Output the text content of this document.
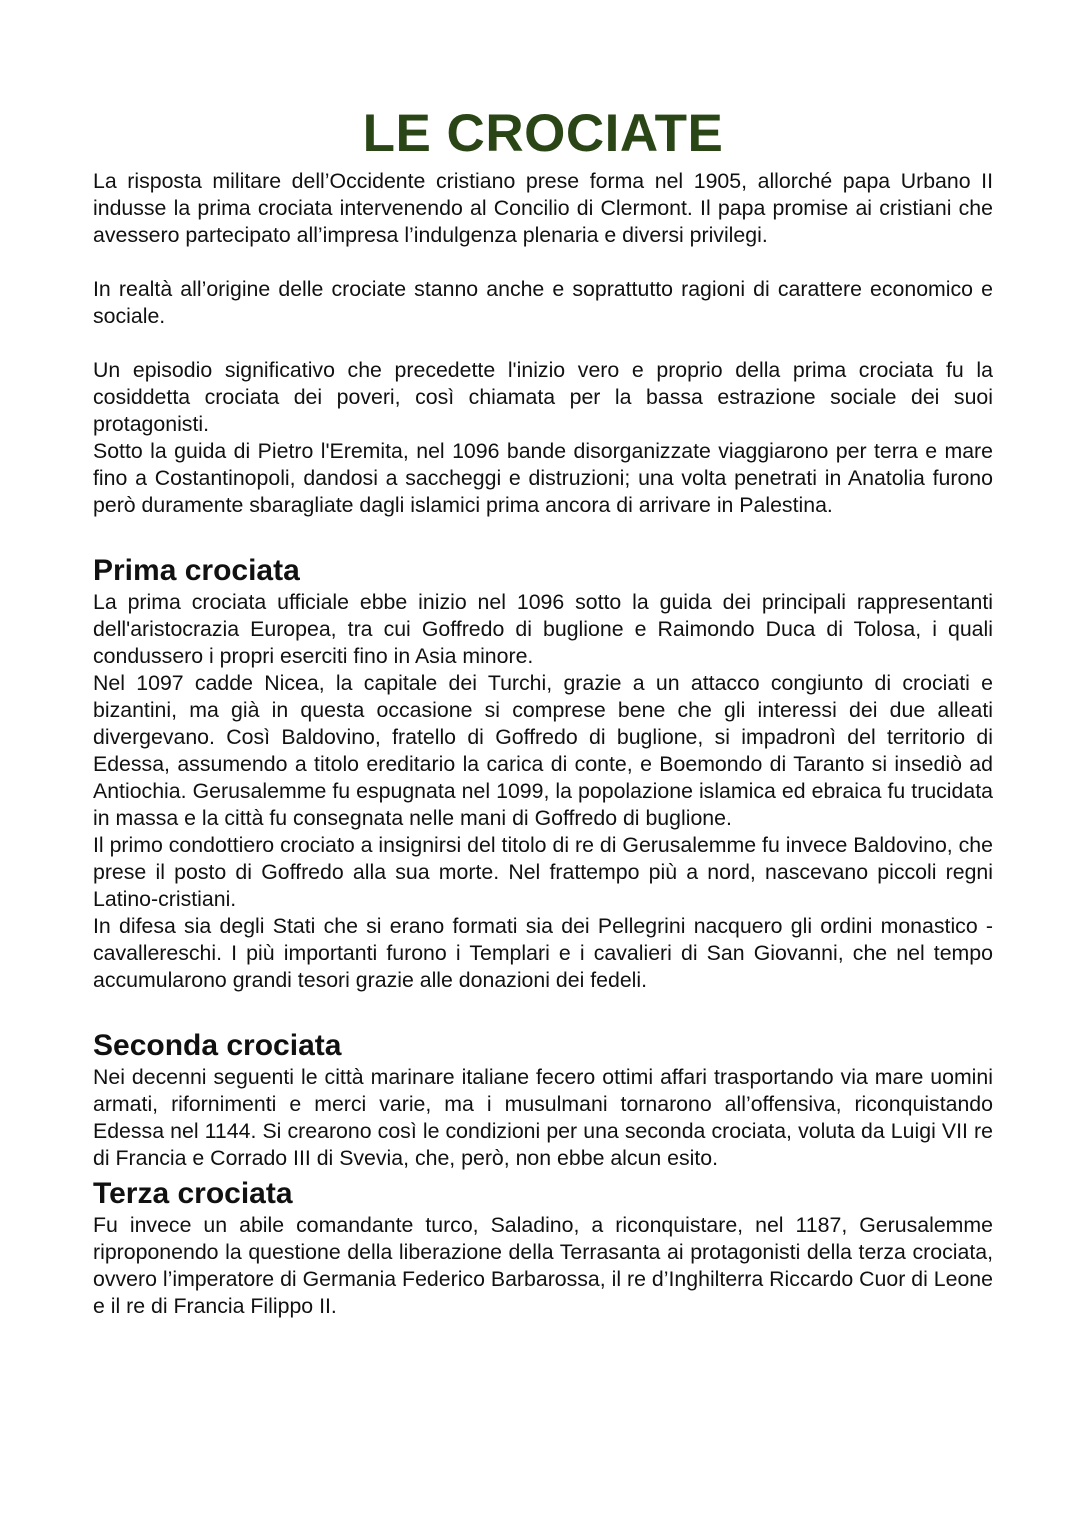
LE CROCIATE

La risposta militare dell’Occidente cristiano prese forma nel 1905, allorché papa Urbano II indusse la prima crociata intervenendo al Concilio di Clermont. Il papa promise ai cristiani che avessero partecipato all’impresa l’indulgenza plenaria e diversi privilegi.

In realtà all’origine delle crociate stanno anche e soprattutto ragioni di carattere economico e sociale.

Un episodio significativo che precedette l'inizio vero e proprio della prima crociata fu la cosiddetta crociata dei poveri, così chiamata per la bassa estrazione sociale dei suoi protagonisti.

Sotto la guida di Pietro l'Eremita, nel 1096 bande disorganizzate viaggiarono per terra e mare fino a Costantinopoli, dandosi a saccheggi e distruzioni; una volta penetrati in Anatolia furono però duramente sbaragliate dagli islamici prima ancora di arrivare in Palestina.

Prima crociata

La prima crociata ufficiale ebbe inizio nel 1096 sotto la guida dei principali rappresentanti dell'aristocrazia Europea, tra cui Goffredo di buglione e Raimondo Duca di Tolosa, i quali condussero i propri eserciti fino in Asia minore.

Nel 1097 cadde Nicea, la capitale dei Turchi, grazie a un attacco congiunto di crociati e bizantini, ma già in questa occasione si comprese bene che gli interessi dei due alleati divergevano. Così Baldovino, fratello di Goffredo di buglione, si impadronì del territorio di Edessa, assumendo a titolo ereditario la carica di conte, e Boemondo di Taranto si insediò ad Antiochia. Gerusalemme fu espugnata nel 1099, la popolazione islamica ed ebraica fu trucidata in massa e la città fu consegnata nelle mani di Goffredo di buglione.

Il primo condottiero crociato a insignirsi del titolo di re di Gerusalemme fu invece Baldovino, che prese il posto di Goffredo alla sua morte. Nel frattempo più a nord, nascevano piccoli regni Latino-cristiani.

In difesa sia degli Stati che si erano formati sia dei Pellegrini nacquero gli ordini monastico -cavallereschi. I più importanti furono i Templari e i cavalieri di San Giovanni, che nel tempo accumularono grandi tesori grazie alle donazioni dei fedeli.

Seconda crociata

Nei decenni seguenti le città marinare italiane fecero ottimi affari trasportando via mare uomini armati, rifornimenti e merci varie, ma i musulmani tornarono all’offensiva, riconquistando Edessa nel 1144. Si crearono così le condizioni per una seconda crociata, voluta da Luigi VII re di Francia e Corrado III di Svevia, che, però, non ebbe alcun esito.

Terza crociata

Fu invece un abile comandante turco, Saladino, a riconquistare, nel 1187, Gerusalemme riproponendo la questione della liberazione della Terrasanta ai protagonisti della terza crociata, ovvero l’imperatore di Germania Federico Barbarossa, il re d’Inghilterra Riccardo Cuor di Leone e il re di Francia Filippo II.
